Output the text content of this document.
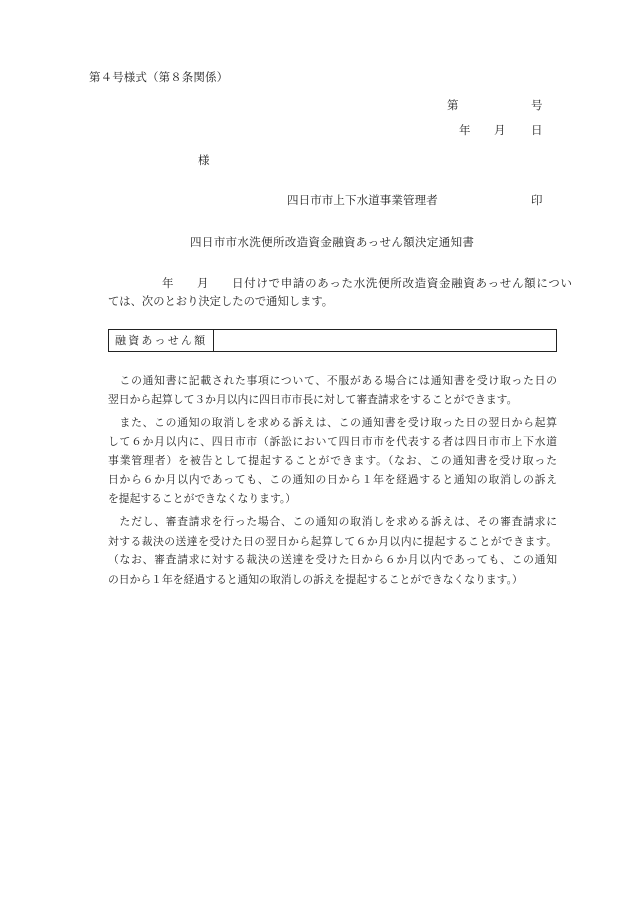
第４号様式（第８条関係）
第	号
年 月 日
様
四日市市上下水道事業管理者	印
四日市市水洗便所改造資金融資あっせん額決定通知書
年 月 日付けで申請のあった水洗便所改造資金融資あっせん額につい
ては、次のとおり決定したので通知します。
融資あっせん額
　この通知書に記載された事項について、不服がある場合には通知書を受け取った日の
翌日から起算して３か月以内に四日市市長に対して審査請求をすることができます。
　また、この通知の取消しを求める訴えは、この通知書を受け取った日の翌日から起算
して６か月以内に、四日市市（訴訟において四日市市を代表する者は四日市市上下水道
事業管理者）を被告として提起することができます。（なお、この通知書を受け取った
日から６か月以内であっても、この通知の日から１年を経過すると通知の取消しの訴え
を提起することができなくなります。）
　ただし、審査請求を行った場合、この通知の取消しを求める訴えは、その審査請求に
対する裁決の送達を受けた日の翌日から起算して６か月以内に提起することができます。
（なお、審査請求に対する裁決の送達を受けた日から６か月以内であっても、この通知
の日から１年を経過すると通知の取消しの訴えを提起することができなくなります。）
